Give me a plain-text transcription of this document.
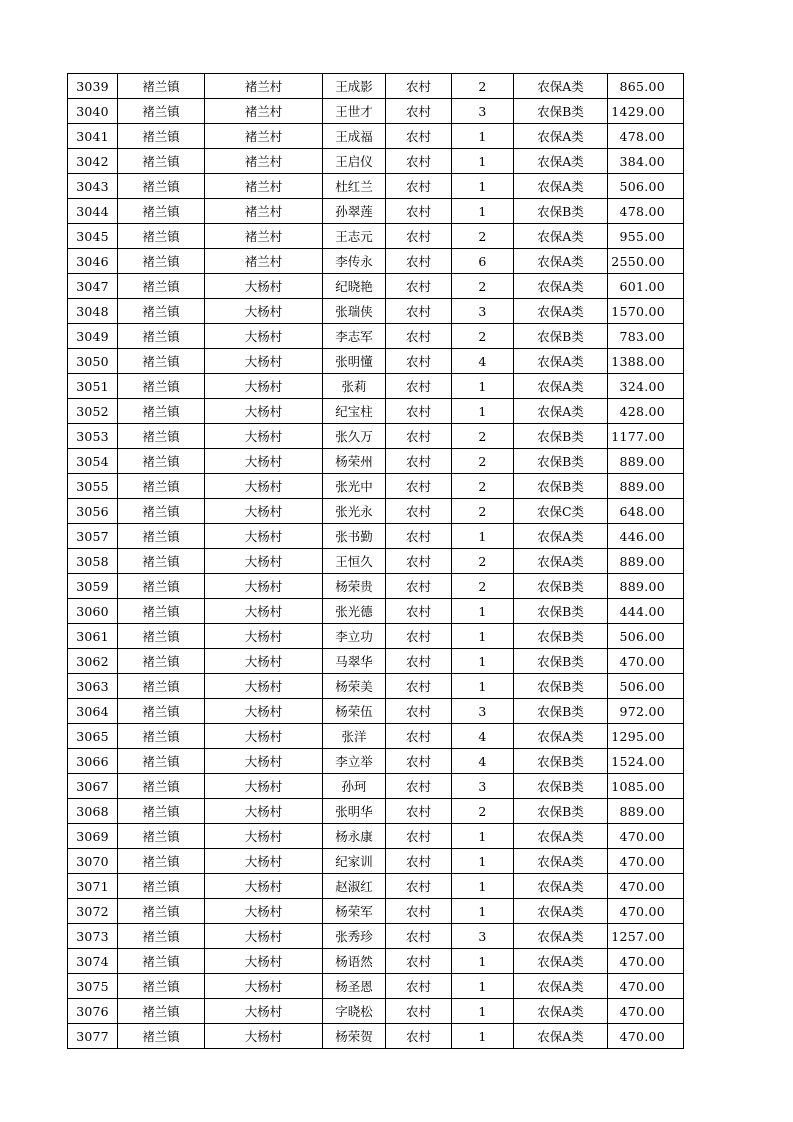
3039	褚兰镇	褚兰村	王成影	农村	2	农保A类	865.00
3040	褚兰镇	褚兰村	王世才	农村	3	农保B类	1429.00
3041	褚兰镇	褚兰村	王成福	农村	1	农保A类	478.00
3042	褚兰镇	褚兰村	王启仪	农村	1	农保A类	384.00
3043	褚兰镇	褚兰村	杜红兰	农村	1	农保A类	506.00
3044	褚兰镇	褚兰村	孙翠莲	农村	1	农保B类	478.00
3045	褚兰镇	褚兰村	王志元	农村	2	农保A类	955.00
3046	褚兰镇	褚兰村	李传永	农村	6	农保A类	2550.00
3047	褚兰镇	大杨村	纪晓艳	农村	2	农保A类	601.00
3048	褚兰镇	大杨村	张瑞侠	农村	3	农保A类	1570.00
3049	褚兰镇	大杨村	李志军	农村	2	农保B类	783.00
3050	褚兰镇	大杨村	张明懂	农村	4	农保A类	1388.00
3051	褚兰镇	大杨村	张莉	农村	1	农保A类	324.00
3052	褚兰镇	大杨村	纪宝柱	农村	1	农保A类	428.00
3053	褚兰镇	大杨村	张久万	农村	2	农保B类	1177.00
3054	褚兰镇	大杨村	杨荣州	农村	2	农保B类	889.00
3055	褚兰镇	大杨村	张光中	农村	2	农保B类	889.00
3056	褚兰镇	大杨村	张光永	农村	2	农保C类	648.00
3057	褚兰镇	大杨村	张书勤	农村	1	农保A类	446.00
3058	褚兰镇	大杨村	王恒久	农村	2	农保A类	889.00
3059	褚兰镇	大杨村	杨荣贵	农村	2	农保B类	889.00
3060	褚兰镇	大杨村	张光德	农村	1	农保B类	444.00
3061	褚兰镇	大杨村	李立功	农村	1	农保B类	506.00
3062	褚兰镇	大杨村	马翠华	农村	1	农保B类	470.00
3063	褚兰镇	大杨村	杨荣美	农村	1	农保B类	506.00
3064	褚兰镇	大杨村	杨荣伍	农村	3	农保B类	972.00
3065	褚兰镇	大杨村	张洋	农村	4	农保A类	1295.00
3066	褚兰镇	大杨村	李立举	农村	4	农保B类	1524.00
3067	褚兰镇	大杨村	孙珂	农村	3	农保B类	1085.00
3068	褚兰镇	大杨村	张明华	农村	2	农保B类	889.00
3069	褚兰镇	大杨村	杨永康	农村	1	农保A类	470.00
3070	褚兰镇	大杨村	纪家训	农村	1	农保A类	470.00
3071	褚兰镇	大杨村	赵淑红	农村	1	农保A类	470.00
3072	褚兰镇	大杨村	杨荣军	农村	1	农保A类	470.00
3073	褚兰镇	大杨村	张秀珍	农村	3	农保A类	1257.00
3074	褚兰镇	大杨村	杨语然	农村	1	农保A类	470.00
3075	褚兰镇	大杨村	杨圣恩	农村	1	农保A类	470.00
3076	褚兰镇	大杨村	字晓松	农村	1	农保A类	470.00
3077	褚兰镇	大杨村	杨荣贺	农村	1	农保A类	470.00
